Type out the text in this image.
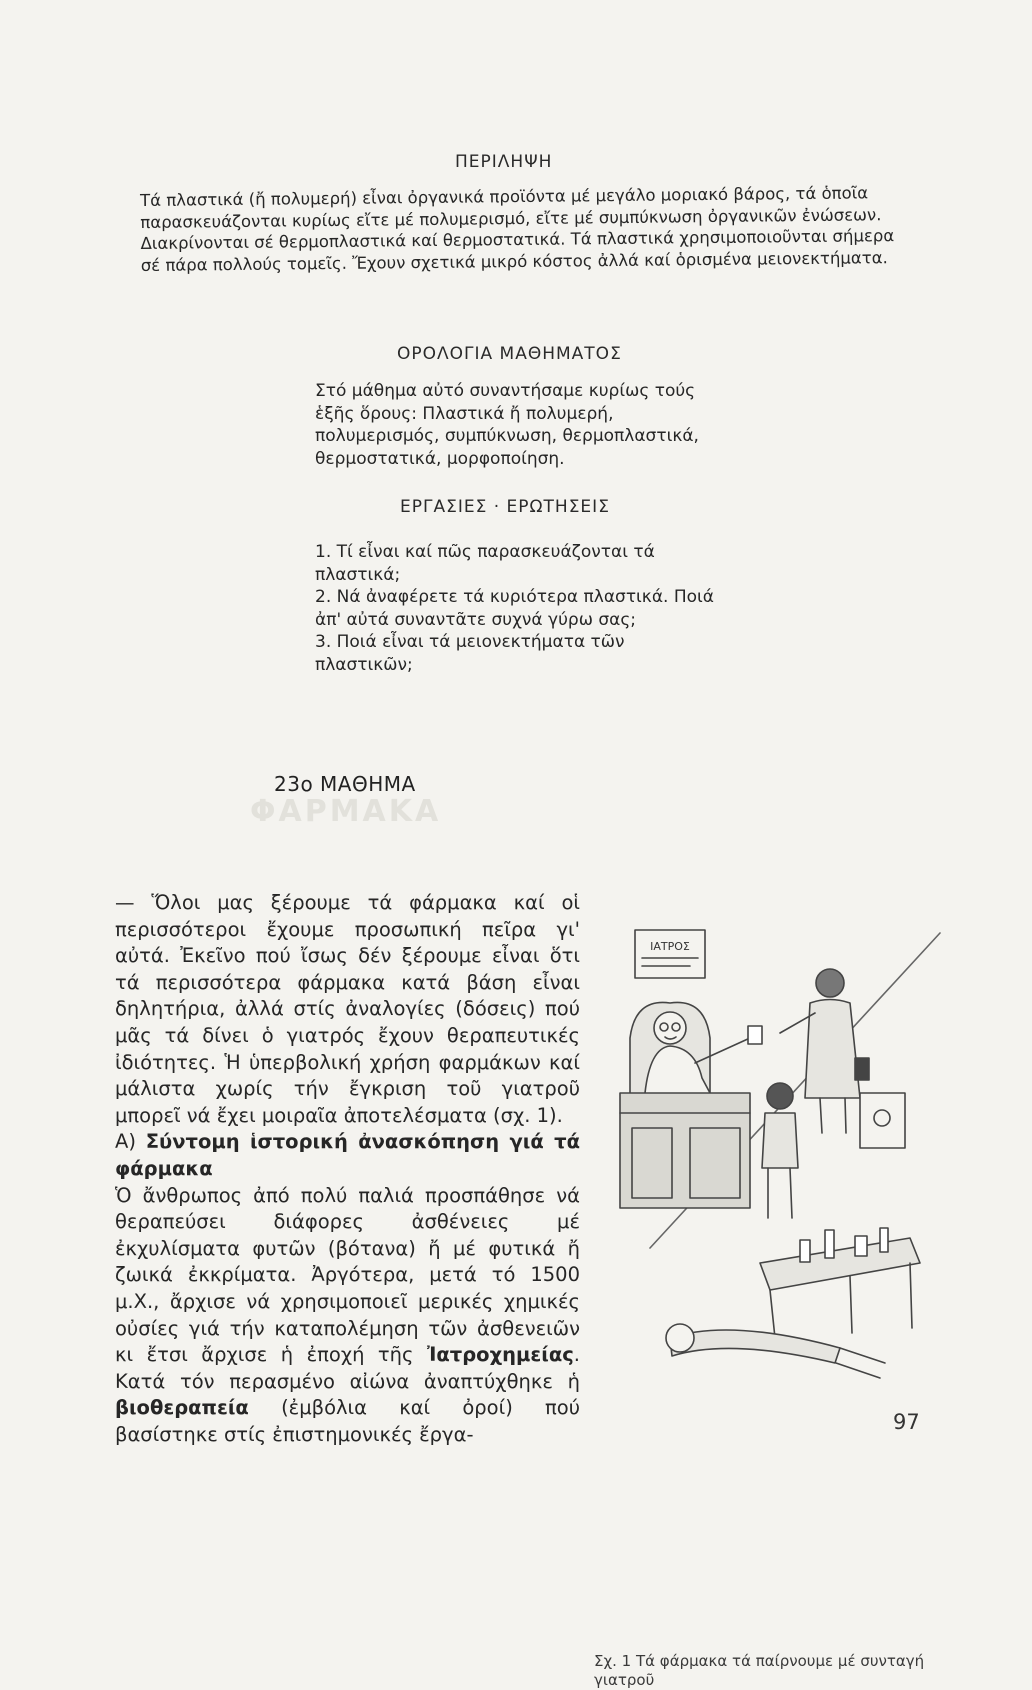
ΠΕΡΙΛΗΨΗ

Τά πλαστικά (ἤ πολυμερή) εἶναι ὀργανικά προϊόντα μέ μεγάλο μοριακό βάρος, τά ὁποῖα παρασκευάζονται κυρίως εἴτε μέ πολυμερισμό, εἴτε μέ συμπύκνωση ὀργανικῶν ἐνώσεων. Διακρίνονται σέ θερμοπλαστικά καί θερμοστατικά. Τά πλαστικά χρησιμοποιοῦνται σήμερα σέ πάρα πολλούς τομεῖς. Ἔχουν σχετικά μικρό κόστος ἀλλά καί ὁρισμένα μειονεκτήματα.

ΟΡΟΛΟΓΙΑ ΜΑΘΗΜΑΤΟΣ

Στό μάθημα αὐτό συναντήσαμε κυρίως τούς ἑξῆς ὅρους: Πλαστικά ἤ πολυμερή, πολυμερισμός, συμπύκνωση, θερμοπλαστικά, θερμοστατικά, μορφοποίηση.

ΕΡΓΑΣΙΕΣ · ΕΡΩΤΗΣΕΙΣ
1. Τί εἶναι καί πῶς παρασκευάζονται τά πλαστικά;
2. Νά ἀναφέρετε τά κυριότερα πλαστικά. Ποιά ἀπ' αὐτά συναντᾶτε συχνά γύρω σας;
3. Ποιά εἶναι τά μειονεκτήματα τῶν πλαστικῶν;
23ο ΜΑΘΗΜΑ
ΦΑΡΜΑΚΑ

— Ὅλοι μας ξέρουμε τά φάρμακα καί οἱ περισσότεροι ἔχουμε προσωπική πεῖρα γι' αὐτά. Ἐκεῖνο πού ἴσως δέν ξέρουμε εἶναι ὅτι τά περισσότερα φάρμακα κατά βάση εἶναι δηλητήρια, ἀλλά στίς ἀναλογίες (δόσεις) πού μᾶς τά δίνει ὁ γιατρός ἔχουν θεραπευτικές ἰδιότητες. Ἡ ὑπερβολική χρήση φαρμάκων καί μάλιστα χωρίς τήν ἔγκριση τοῦ γιατροῦ μπορεῖ νά ἔχει μοιραῖα ἀποτελέσματα (σχ. 1).

Α) Σύντομη ἱστορική ἀνασκόπηση γιά τά φάρμακα

Ὁ ἄνθρωπος ἀπό πολύ παλιά προσπάθησε νά θεραπεύσει διάφορες ἀσθένειες μέ ἐκχυλίσματα φυτῶν (βότανα) ἤ μέ φυτικά ἤ ζωικά ἐκκρίματα. Ἀργότερα, μετά τό 1500 μ.Χ., ἄρχισε νά χρησιμοποιεῖ μερικές χημικές οὐσίες γιά τήν καταπολέμηση τῶν ἀσθενειῶν κι ἔτσι ἄρχισε ἡ ἐποχή τῆς Ἰατροχημείας. Κατά τόν περασμένο αἰώνα ἀναπτύχθηκε ἡ βιοθεραπεία (ἐμβόλια καί ὀροί) πού βασίστηκε στίς ἐπιστημονικές ἔργα-

ΙΑΤΡΟΣ

Σχ. 1 Τά φάρμακα τά παίρνουμε μέ συνταγή γιατροῦ

97
